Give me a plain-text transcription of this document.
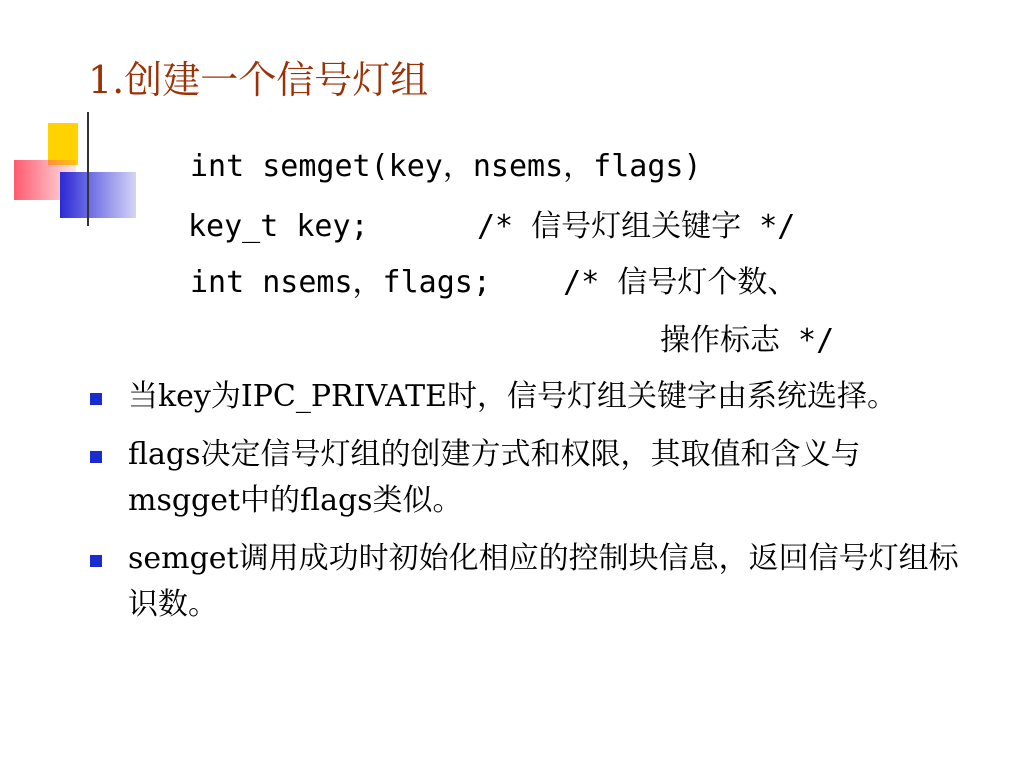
1.创建一个信号灯组
int semget(key，nsems，flags)
key_t key;      /* 信号灯组关键字 */
int nsems，flags;    /* 信号灯个数、
操作标志 */
当key为IPC_PRIVATE时，信号灯组关键字由系统选择。
flags决定信号灯组的创建方式和权限，其取值和含义与msgget中的flags类似。
semget调用成功时初始化相应的控制块信息，返回信号灯组标识数。
